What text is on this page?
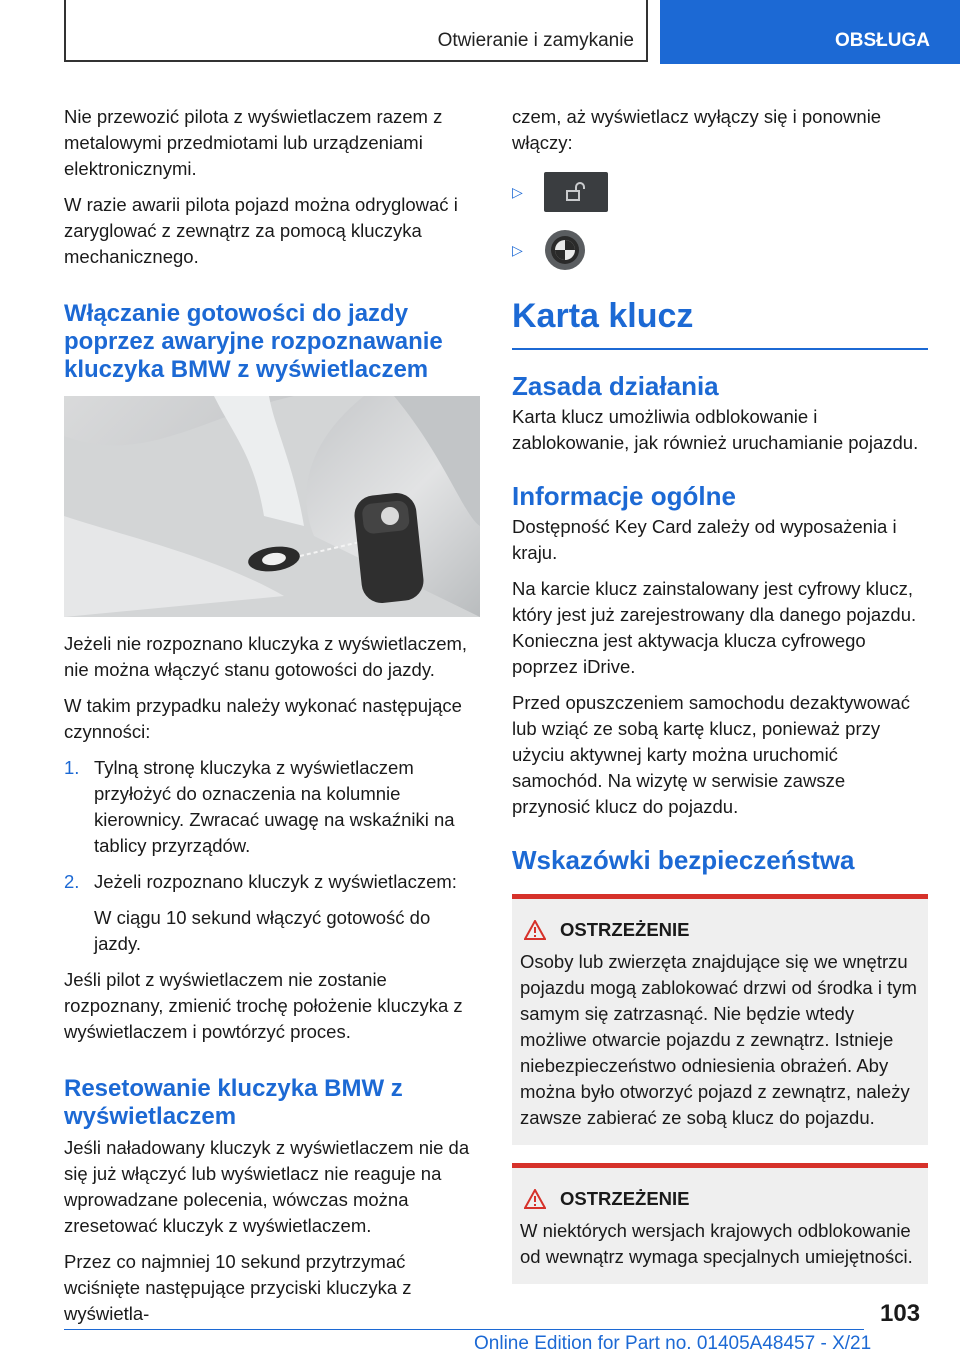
Otwieranie i zamykanie	OBSŁUGA

Nie przewozić pilota z wyświetlaczem razem z metalowymi przedmiotami lub urządzeniami elektronicznymi.

W razie awarii pilota pojazd można odryglować i zaryglować z zewnątrz za pomocą kluczyka mechanicznego.

Włączanie gotowości do jazdy poprzez awaryjne rozpoznawanie kluczyka BMW z wyświetlaczem

Jeżeli nie rozpoznano kluczyka z wyświetlaczem, nie można włączyć stanu gotowości do jazdy.

W takim przypadku należy wykonać następujące czynności:

1. Tylną stronę kluczyka z wyświetlaczem przyłożyć do oznaczenia na kolumnie kierownicy. Zwracać uwagę na wskaźniki na tablicy przyrządów.
2. Jeżeli rozpoznano kluczyk z wyświetlaczem:
W ciągu 10 sekund włączyć gotowość do jazdy.

Jeśli pilot z wyświetlaczem nie zostanie rozpoznany, zmienić trochę położenie kluczyka z wyświetlaczem i powtórzyć proces.

Resetowanie kluczyka BMW z wyświetlaczem

Jeśli naładowany kluczyk z wyświetlaczem nie da się już włączyć lub wyświetlacz nie reaguje na wprowadzane polecenia, wówczas można zresetować kluczyk z wyświetlaczem.

Przez co najmniej 10 sekund przytrzymać wciśnięte następujące przyciski kluczyka z wyświetla-

czem, aż wyświetlacz wyłączy się i ponownie włączy:

▷
▷
Karta klucz
Zasada działania

Karta klucz umożliwia odblokowanie i zablokowanie, jak również uruchamianie pojazdu.

Informacje ogólne

Dostępność Key Card zależy od wyposażenia i kraju.

Na karcie klucz zainstalowany jest cyfrowy klucz, który jest już zarejestrowany dla danego pojazdu. Konieczna jest aktywacja klucza cyfrowego poprzez iDrive.

Przed opuszczeniem samochodu dezaktywować lub wziąć ze sobą kartę klucz, ponieważ przy użyciu aktywnej karty można uruchomić samochód. Na wizytę w serwisie zawsze przynosić klucz do pojazdu.

Wskazówki bezpieczeństwa
OSTRZEŻENIE
Osoby lub zwierzęta znajdujące się we wnętrzu pojazdu mogą zablokować drzwi od środka i tym samym się zatrzasnąć. Nie będzie wtedy możliwe otwarcie pojazdu z zewnątrz. Istnieje niebezpieczeństwo odniesienia obrażeń. Aby można było otworzyć pojazd z zewnątrz, należy zawsze zabierać ze sobą klucz do pojazdu.
OSTRZEŻENIE
W niektórych wersjach krajowych odblokowanie od wewnątrz wymaga specjalnych umiejętności.
103
Online Edition for Part no. 01405A48457 - X/21
